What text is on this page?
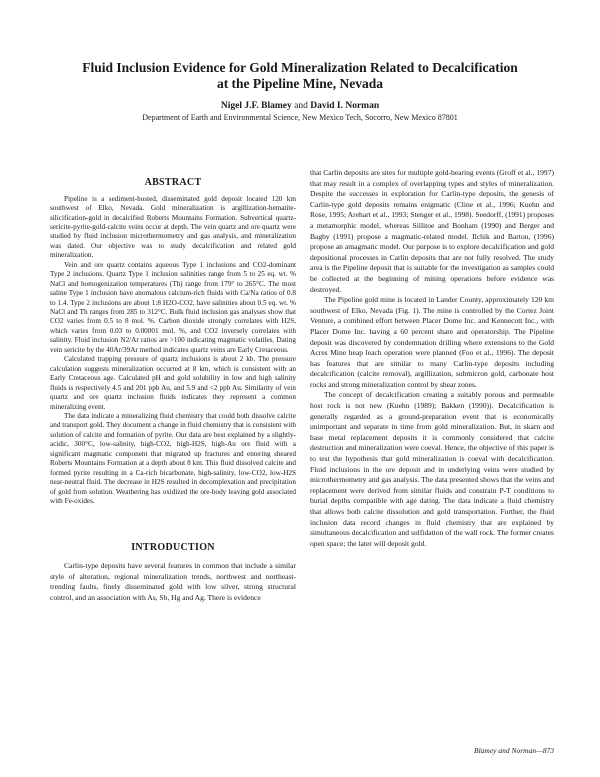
Fluid Inclusion Evidence for Gold Mineralization Related to Decalcification
at the Pipeline Mine, Nevada
Nigel J.F. Blamey and David I. Norman
Department of Earth and Environmental Science, New Mexico Tech, Socorro, New Mexico 87801
ABSTRACT

Pipeline is a sediment-hosted, disseminated gold deposit located 120 km southwest of Elko, Nevada. Gold mineralization is argillization-hematite-silicification-gold in decalcified Roberts Mountains Formation. Subvertical quartz-sericite-pyrite-gold-calcite veins occur at depth. The vein quartz and ore quartz were studied by fluid inclusion microthermometry and gas analysis, and mineralization was dated. Our objective was to study decalcification and related gold mineralization.

Vein and ore quartz contains aqueous Type 1 inclusions and CO2-dominant Type 2 inclusions. Quartz Type 1 inclusion salinities range from 5 to 25 eq. wt. % NaCl and homogenization temperatures (Th) range from 179° to 265°C. The most saline Type 1 inclusion have anomalous calcium-rich fluids with Ca/Na ratios of 0.8 to 1.4. Type 2 inclusions are about 1:8 H2O-CO2, have salinities about 0.5 eq. wt. % NaCl and Th ranges from 285 to 312°C. Bulk fluid inclusion gas analyses show that CO2 varies from 0.5 to 8 mol. %. Carbon dioxide strongly correlates with H2S, which varies from 0.03 to 0.00001 mol. %, and CO2 inversely correlates with salinity. Fluid inclusion N2/Ar ratios are >100 indicating magmatic volatiles. Dating vein sericite by the 40Ar/39Ar method indicates quartz veins are Early Cretaceous.

Calculated trapping pressure of quartz inclusions is about 2 kb. The pressure calculation suggests mineralization occurred at 8 km, which is consistent with an Early Cretaceous age. Calculated pH and gold solubility in low and high salinity fluids is respectively 4.5 and 201 ppb Au, and 5.9 and <2 ppb Au. Similarity of vein quartz and ore quartz inclusion fluids indicates they represent a common mineralizing event.

The data indicate a mineralizing fluid chemistry that could both dissolve calcite and transport gold. They document a change in fluid chemistry that is consistent with solution of calcite and formation of pyrite. Our data are best explained by a slightly-acidic, 300°C, low-salinity, high-CO2, high-H2S, high-Au ore fluid with a significant magmatic component that migrated up fractures and entering sheared Roberts Mountains Formation at a depth about 8 km. This fluid dissolved calcite and formed pyrite resulting in a Ca-rich bicarbonate, high-salinity, low-CO2, low-H2S near-neutral fluid. The decrease in H2S resulted in decomplexation and precipitation of gold from solution. Weathering has oxidized the ore-body leaving gold associated with Fe-oxides.

INTRODUCTION

Carlin-type deposits have several features in common that include a similar style of alteration, regional mineralization trends, northwest and northeast-trending faults, finely disseminated gold with low silver, strong structural control, and an association with As, Sb, Hg and Ag. There is evidence

that Carlin deposits are sites for multiple gold-bearing events (Groff et al., 1997) that may result in a complex of overlapping types and styles of mineralization. Despite the successes in exploration for Carlin-type deposits, the genesis of Carlin-type gold deposits remains enigmatic (Cline et al., 1996; Kuehn and Rose, 1995; Arehart et al., 1993; Stenger et al., 1998). Seedorff, (1991) proposes a metamorphic model, whereas Sillitoe and Bonham (1990) and Berger and Bagby (1991) propose a magmatic-related model. Ilchik and Barton, (1996) propose an amagmatic model. Our purpose is to explore decalcification and gold depositional processes in Carlin deposits that are not fully resolved. The study area is the Pipeline deposit that is suitable for the investigation as samples could be collected at the beginning of mining operations before evidence was destroyed.

The Pipeline gold mine is located in Lander County, approximately 120 km southwest of Elko, Nevada (Fig. 1). The mine is controlled by the Cortez Joint Venture, a combined effort between Placer Dome Inc. and Kennecott Inc., with Placer Dome Inc. having a 60 percent share and operatorship. The Pipeline deposit was discovered by condemnation drilling where extensions to the Gold Acres Mine heap leach operation were planned (Foo et al., 1996). The deposit has features that are similar to many Carlin-type deposits including decalcification (calcite removal), argillization, submicron gold, carbonate host rocks and strong mineralization control by shear zones.

The concept of decalcification creating a suitably porous and permeable host rock is not new (Kuehn (1989); Bakken (1990)). Decalcification is generally regarded as a ground-preparation event that is economically unimportant and separate in time from gold mineralization. But, in skarn and base metal replacement deposits it is commonly considered that calcite destruction and mineralization were coeval. Hence, the objective of this paper is to test the hypothesis that gold mineralization is coeval with decalcification. Fluid inclusions in the ore deposit and in underlying veins were studied by microthermometry and gas analysis. The data presented shows that the veins and replacement were derived from similar fluids and constrain P-T conditions to burial depths compatible with age dating. The data indicate a fluid chemistry that allows both calcite dissolution and gold transportation. Further, the fluid inclusion data record changes in fluid chemistry that are explained by simultaneous decalcification and sulfidation of the wall rock. The former creates open space; the later will deposit gold.

Blamey and Norman—873
